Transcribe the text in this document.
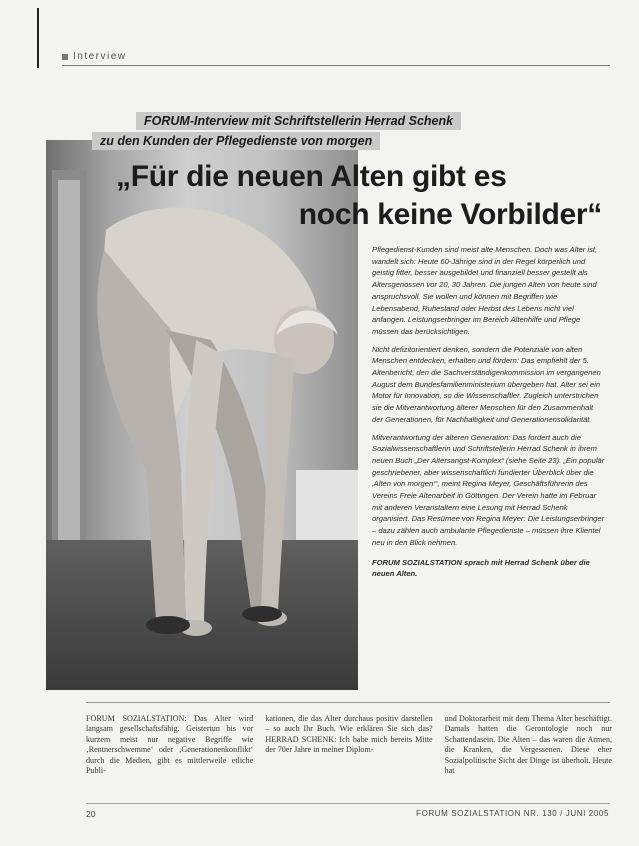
Interview
FORUM-Interview mit Schriftstellerin Herrad Schenk
zu den Kunden der Pflegedienste von morgen
„Für die neuen Alten gibt es
noch keine Vorbilder“

Pflegedienst-Kunden sind meist alte Menschen. Doch was Alter ist, wandelt sich: Heute 60-Jährige sind in der Regel körperlich und geistig fitter, besser ausgebildet und finanziell besser gestellt als Altersgenossen vor 20, 30 Jahren. Die jungen Alten von heute sind anspruchsvoll. Sie wollen und können mit Begriffen wie Lebensabend, Ruhestand oder Herbst des Lebens nicht viel anfangen. Leistungserbringer im Bereich Altenhilfe und Pflege müssen das berücksichtigen.

Nicht defizitorientiert denken, sondern die Potenziale von alten Menschen entdecken, erhalten und fördern: Das empfiehlt der 5. Altenbericht, den die Sachverständigenkommission im vergangenen August dem Bundesfamilienministerium übergeben hat. Alter sei ein Motor für Innovation, so die Wissenschaftler. Zugleich unterstrichen sie die Mitverantwortung älterer Menschen für den Zusammenhalt der Generationen, für Nachhaltigkeit und Generationensolidarität.

Mitverantwortung der älteren Generation: Das fordert auch die Sozialwissenschaftlerin und Schriftstellerin Herrad Schenk in ihrem neuen Buch „Der Altersangst-Komplex“ (siehe Seite 23). „Ein populär geschriebener, aber wissenschaftlich fundierter Überblick über die ‚Alten von morgen‘“, meint Regina Meyer, Geschäftsführerin des Vereins Freie Altenarbeit in Göttingen. Der Verein hatte im Februar mit anderen Veranstaltern eine Lesung mit Herrad Schenk organisiert. Das Resümee von Regina Meyer: Die Leistungserbringer – dazu zählen auch ambulante Pflegedienste – müssen ihre Klientel neu in den Blick nehmen.

FORUM SOZIALSTATION sprach mit Herrad Schenk über die neuen Alten.

FORUM SOZIALSTATION: Das Alter wird langsam gesellschaftsfähig. Geistertun bis vor kurzem meist nur negative Begriffe wie ‚Rentnerschwemme‘ oder ‚Generationenkonflikt‘ durch die Medien, gibt es mittlerweile etliche Publi-

kationen, die das Alter durchaus positiv darstellen – so auch Ihr Buch. Wie erklären Sie sich das? HERRAD SCHENK: Ich habe mich bereits Mitte der 70er Jahre in meiner Diplom-

und Doktorarbeit mit dem Thema Alter beschäftigt. Damals hatten die Gerontologie noch nur Schattendasein. Die Alten – das waren die Armen, die Kranken, die Vergessenen. Diese eher Sozialpolitische Sicht der Dinge ist überholt. Heute hat

20	FORUM SOZIALSTATION NR. 130 / JUNI 2005
